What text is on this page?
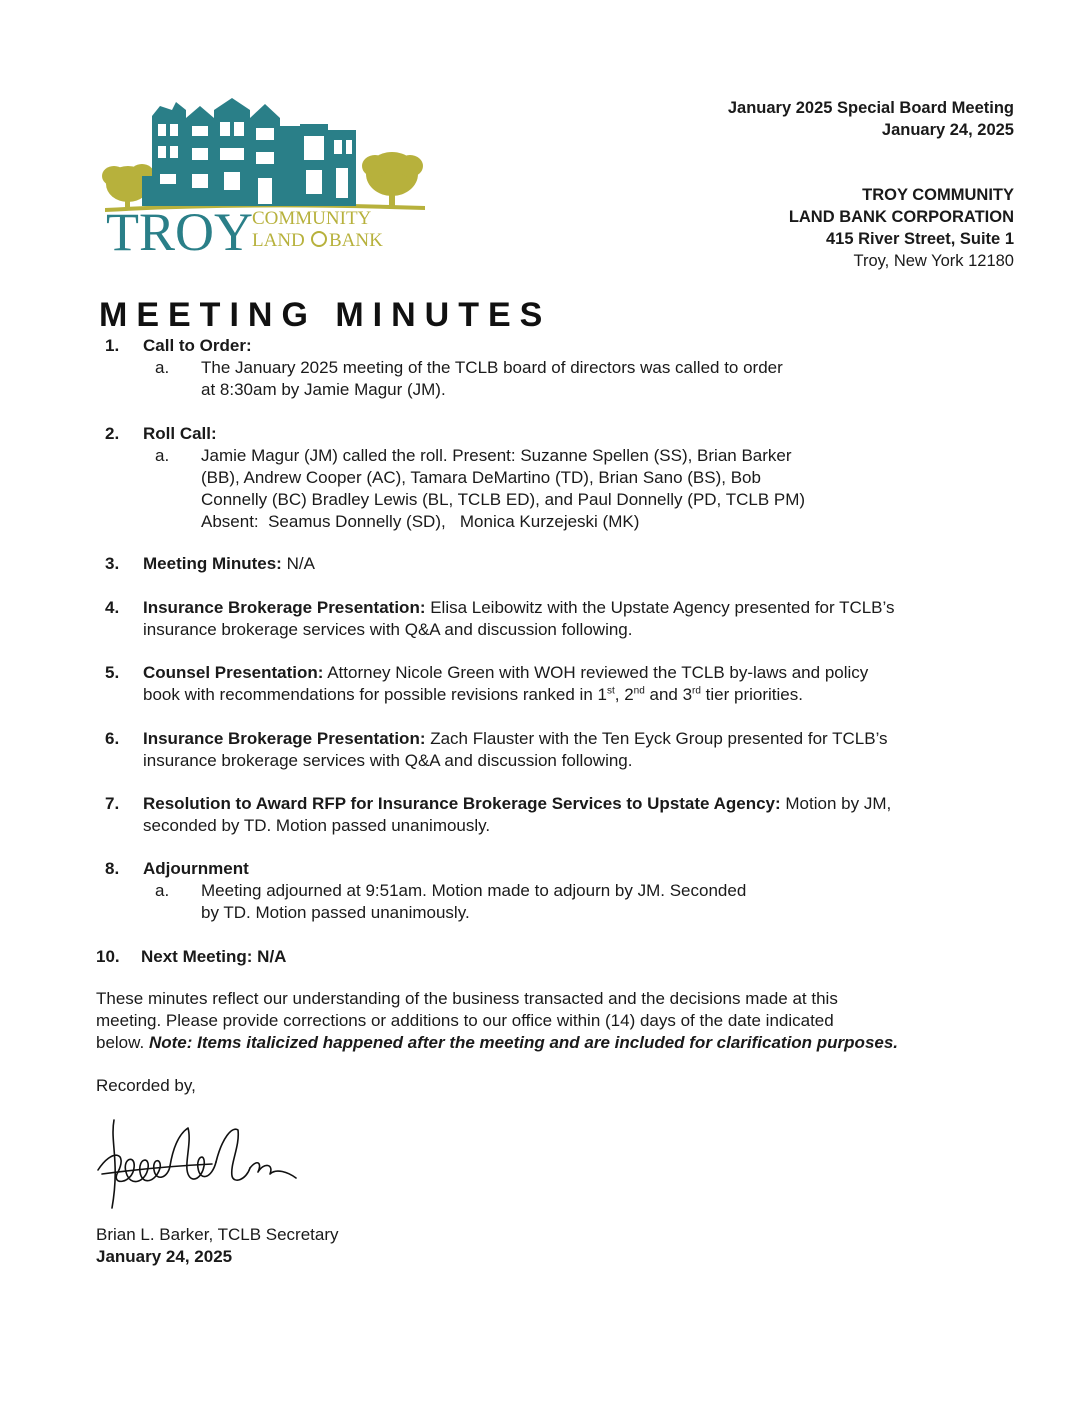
TROY COMMUNITY
LAND BANK
January 2025 Special Board Meeting
January 24, 2025
TROY COMMUNITY
LAND BANK CORPORATION
415 River Street, Suite 1
Troy, New York 12180
MEETING MINUTES
1.	Call to Order:
a. The January 2025 meeting of the TCLB board of directors was called to order
at 8:30am by Jamie Magur (JM).
2.	Roll Call:
a. Jamie Magur (JM) called the roll. Present: Suzanne Spellen (SS), Brian Barker
(BB), Andrew Cooper (AC), Tamara DeMartino (TD), Brian Sano (BS), Bob
Connelly (BC) Bradley Lewis (BL, TCLB ED), and Paul Donnelly (PD, TCLB PM)
Absent:  Seamus Donnelly (SD),   Monica Kurzejeski (MK)
3.	Meeting Minutes: N/A
4.	Insurance Brokerage Presentation: Elisa Leibowitz with the Upstate Agency presented for TCLB’s
insurance brokerage services with Q&A and discussion following.
5.	Counsel Presentation: Attorney Nicole Green with WOH reviewed the TCLB by-laws and policy
book with recommendations for possible revisions ranked in 1st, 2nd and 3rd tier priorities.
6.	Insurance Brokerage Presentation: Zach Flauster with the Ten Eyck Group presented for TCLB’s
insurance brokerage services with Q&A and discussion following.
7.	Resolution to Award RFP for Insurance Brokerage Services to Upstate Agency: Motion by JM,
seconded by TD. Motion passed unanimously.
8.	Adjournment
a. Meeting adjourned at 9:51am. Motion made to adjourn by JM. Seconded
by TD. Motion passed unanimously.
10.	Next Meeting: N/A
These minutes reflect our understanding of the business transacted and the decisions made at this
meeting. Please provide corrections or additions to our office within (14) days of the date indicated
below. Note: Items italicized happened after the meeting and are included for clarification purposes.
Recorded by,
Brian L. Barker, TCLB Secretary
January 24, 2025
